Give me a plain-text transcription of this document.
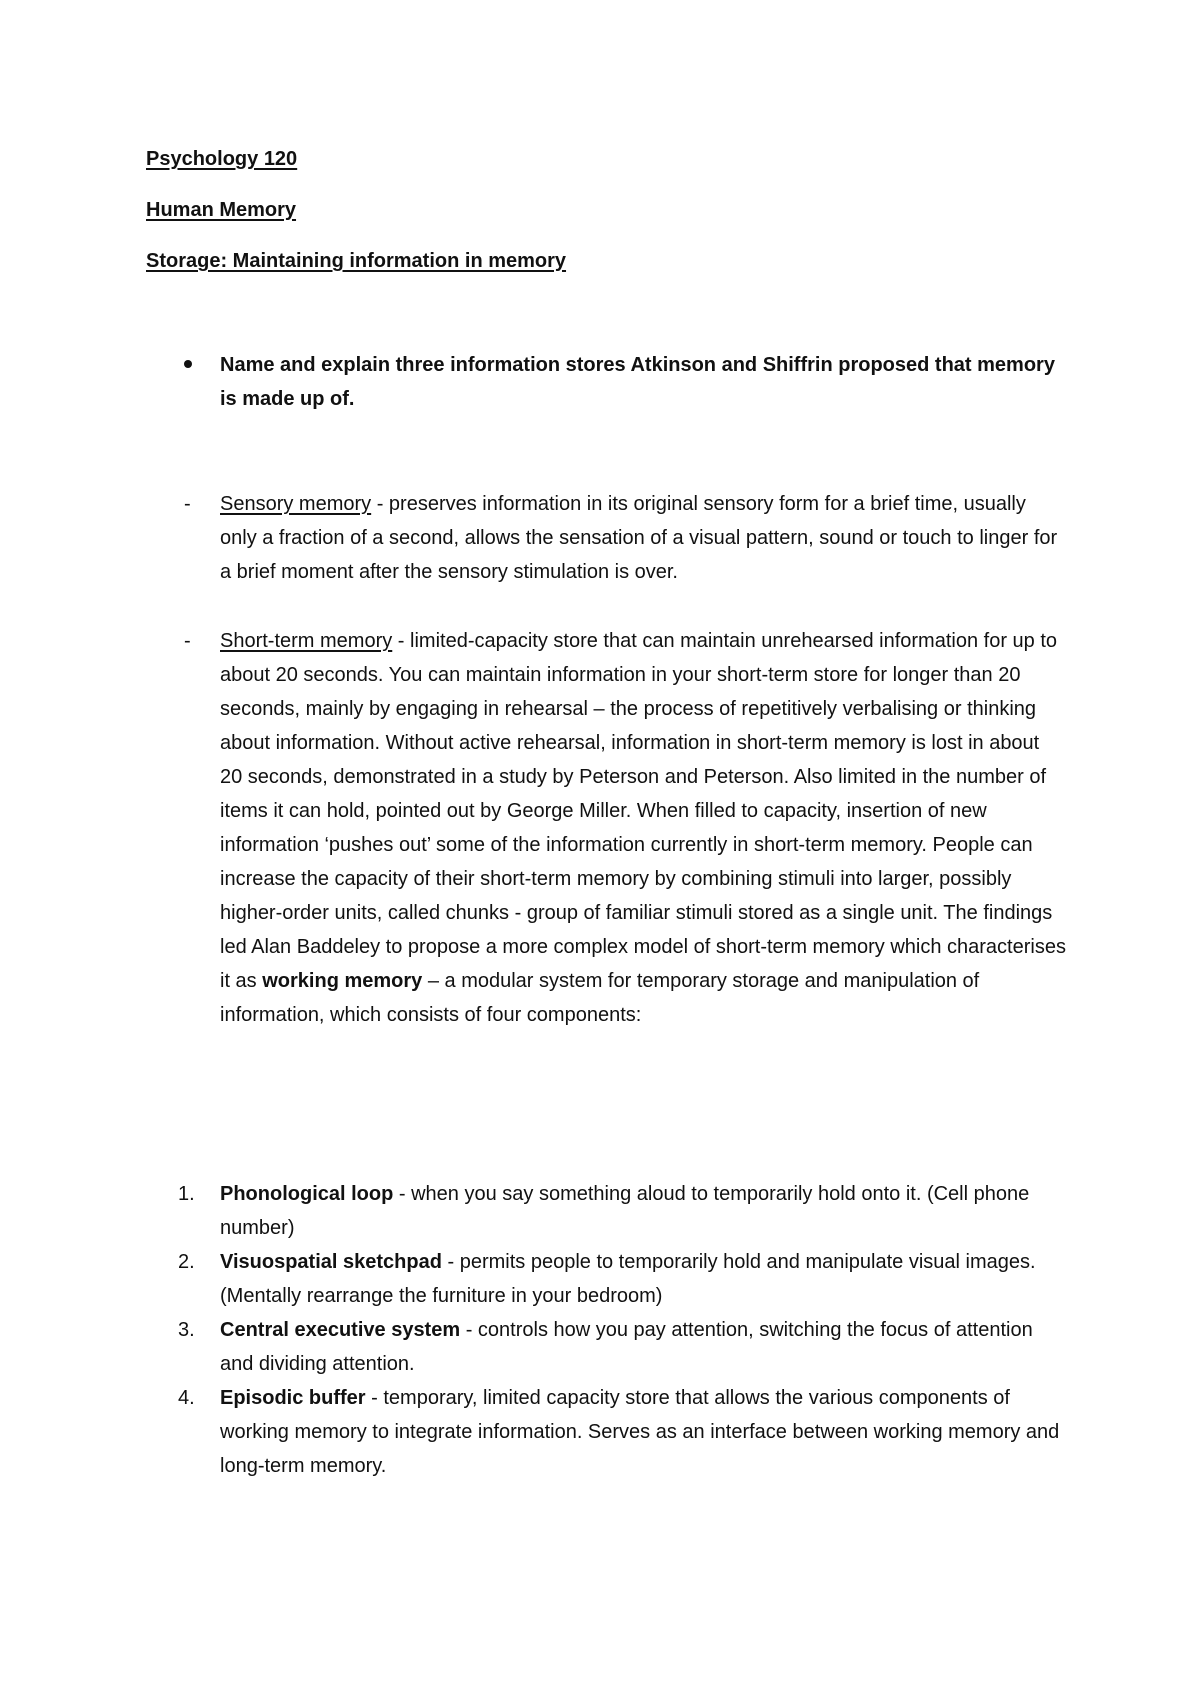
Psychology 120
Human Memory
Storage: Maintaining information in memory
Name and explain three information stores Atkinson and Shiffrin proposed that memory is made up of.
- Sensory memory - preserves information in its original sensory form for a brief time, usually only a fraction of a second, allows the sensation of a visual pattern, sound or touch to linger for a brief moment after the sensory stimulation is over.
- Short-term memory - limited-capacity store that can maintain unrehearsed information for up to about 20 seconds. You can maintain information in your short-term store for longer than 20 seconds, mainly by engaging in rehearsal – the process of repetitively verbalising or thinking about information. Without active rehearsal, information in short-term memory is lost in about 20 seconds, demonstrated in a study by Peterson and Peterson. Also limited in the number of items it can hold, pointed out by George Miller. When filled to capacity, insertion of new information ‘pushes out’ some of the information currently in short-term memory. People can increase the capacity of their short-term memory by combining stimuli into larger, possibly higher-order units, called chunks - group of familiar stimuli stored as a single unit. The findings led Alan Baddeley to propose a more complex model of short-term memory which characterises it as working memory – a modular system for temporary storage and manipulation of information, which consists of four components:
1. Phonological loop - when you say something aloud to temporarily hold onto it. (Cell phone number)
2. Visuospatial sketchpad - permits people to temporarily hold and manipulate visual images. (Mentally rearrange the furniture in your bedroom)
3. Central executive system - controls how you pay attention, switching the focus of attention and dividing attention.
4. Episodic buffer - temporary, limited capacity store that allows the various components of working memory to integrate information. Serves as an interface between working memory and long-term memory.
